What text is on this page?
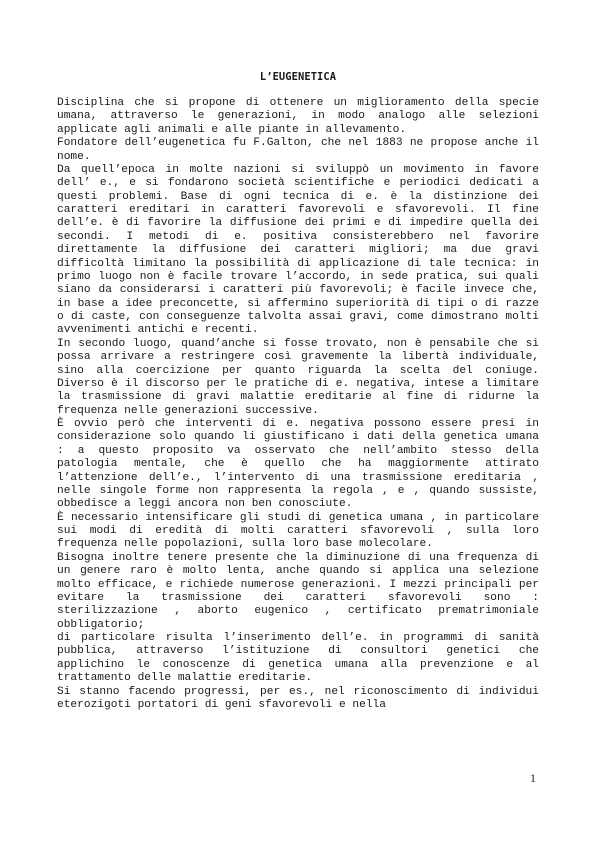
L’EUGENETICA

Disciplina che si propone di ottenere un miglioramento della specie umana, attraverso le generazioni, in modo analogo alle selezioni applicate agli animali e alle piante in allevamento.

Fondatore dell’eugenetica fu F.Galton, che nel 1883 ne propose anche il nome.

Da quell’epoca in molte nazioni si sviluppò un movimento in favore dell’ e., e si fondarono società scientifiche e periodici dedicati a questi problemi. Base di ogni tecnica di e. è la distinzione dei caratteri ereditari in caratteri favorevoli e sfavorevoli. Il fine dell’e. è di favorire la diffusione dei primi e di impedire quella dei secondi. I metodi di e. positiva consisterebbero nel favorire direttamente la diffusione dei caratteri migliori; ma due gravi difficoltà limitano la possibilità di applicazione di tale tecnica: in primo luogo non è facile trovare l’accordo, in sede pratica, sui quali siano da considerarsi i caratteri più favorevoli; è facile invece che, in base a idee preconcette, si affermino superiorità di tipi o di razze o di caste, con conseguenze talvolta assai gravi, come dimostrano molti avvenimenti antichi e recenti.

In secondo luogo, quand’anche si fosse trovato, non è pensabile che si possa arrivare a restringere così gravemente la libertà individuale, sino alla coercizione per quanto riguarda la scelta del coniuge. Diverso è il discorso per le pratiche di e. negativa, intese a limitare la trasmissione di gravi malattie ereditarie al fine di ridurne la frequenza nelle generazioni successive.

È ovvio però che interventi di e. negativa possono essere presi in considerazione solo quando li giustificano i dati della genetica umana : a questo proposito va osservato che nell’ambito stesso della patologia mentale, che è quello che ha maggiormente attirato l’attenzione dell’e., l’intervento di una trasmissione ereditaria , nelle singole forme non rappresenta la regola , e , quando sussiste, obbedisce a leggi ancora non ben conosciute.

È necessario intensificare gli studi di genetica umana , in particolare sui modi di eredità di molti caratteri sfavorevoli , sulla loro frequenza nelle popolazioni, sulla loro base molecolare.

Bisogna inoltre tenere presente che la diminuzione di una frequenza di un genere raro è molto lenta, anche quando si applica una selezione molto efficace, e richiede numerose generazioni. I mezzi principali per evitare la trasmissione dei caratteri sfavorevoli sono : sterilizzazione , aborto eugenico , certificato prematrimoniale obbligatorio;

di particolare risulta l’inserimento dell’e. in programmi di sanità pubblica, attraverso l’istituzione di consultori genetici che applichino le conoscenze di genetica umana alla prevenzione e al trattamento delle malattie ereditarie.

Si stanno facendo progressi, per es., nel riconoscimento di individui eterozigoti portatori di geni sfavorevoli e nella

1
